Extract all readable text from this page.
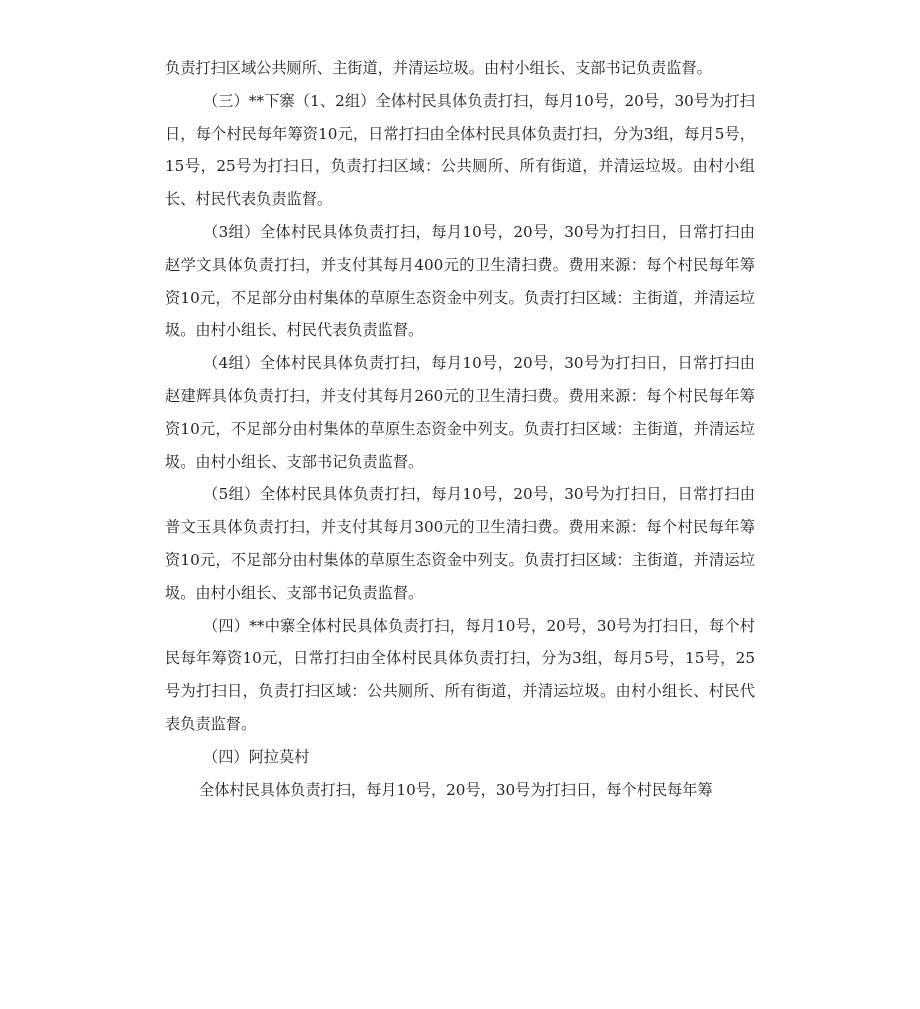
负责打扫区域公共厕所、主街道，并清运垃圾。由村小组长、支部书记负责监督。

（三）**下寨（1、2组）全体村民具体负责打扫，每月10号，20号，30号为打扫日，每个村民每年筹资10元，日常打扫由全体村民具体负责打扫，分为3组，每月5号，15号，25号为打扫日，负责打扫区域：公共厕所、所有街道，并清运垃圾。由村小组长、村民代表负责监督。

（3组）全体村民具体负责打扫，每月10号，20号，30号为打扫日，日常打扫由赵学文具体负责打扫，并支付其每月400元的卫生清扫费。费用来源：每个村民每年筹资10元，不足部分由村集体的草原生态资金中列支。负责打扫区域：主街道，并清运垃圾。由村小组长、村民代表负责监督。

（4组）全体村民具体负责打扫，每月10号，20号，30号为打扫日，日常打扫由赵建辉具体负责打扫，并支付其每月260元的卫生清扫费。费用来源：每个村民每年筹资10元，不足部分由村集体的草原生态资金中列支。负责打扫区域：主街道，并清运垃圾。由村小组长、支部书记负责监督。

（5组）全体村民具体负责打扫，每月10号，20号，30号为打扫日，日常打扫由普文玉具体负责打扫，并支付其每月300元的卫生清扫费。费用来源：每个村民每年筹资10元，不足部分由村集体的草原生态资金中列支。负责打扫区域：主街道，并清运垃圾。由村小组长、支部书记负责监督。

（四）**中寨全体村民具体负责打扫，每月10号，20号，30号为打扫日，每个村民每年筹资10元，日常打扫由全体村民具体负责打扫，分为3组，每月5号，15号，25号为打扫日，负责打扫区域：公共厕所、所有街道，并清运垃圾。由村小组长、村民代表负责监督。

（四）阿拉莫村

全体村民具体负责打扫，每月10号，20号，30号为打扫日，每个村民每年筹
